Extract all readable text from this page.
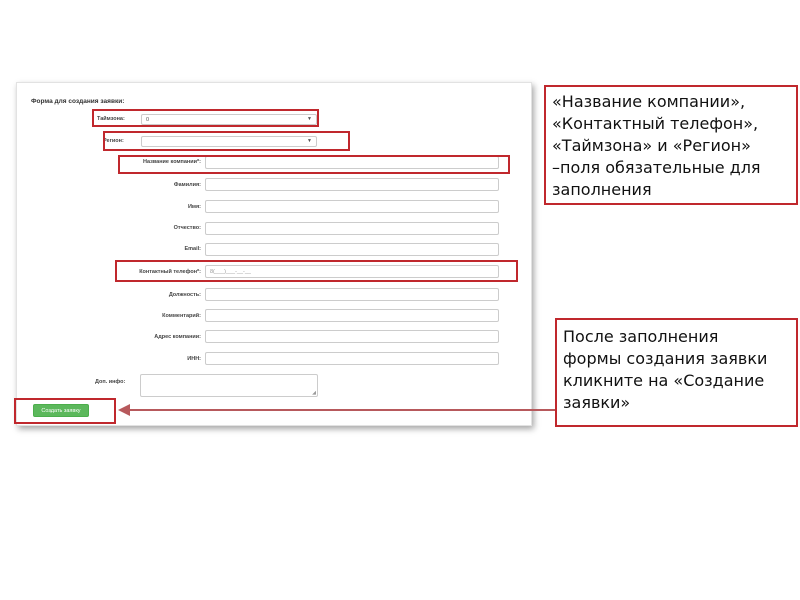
Форма для создания заявки:
Таймзона:	0	▼
Регион:	▼
Название компании*:
Фамилия:
Имя:
Отчество:
Email:
Контактный телефон*:	8(___)___-__-__
Должность:
Комментарий:
Адрес компании:
ИНН:
Доп. инфо:
◢
Создать заявку

«Название компании»,
«Контактный телефон»,
«Таймзона» и «Регион»
–поля обязательные для
заполнения

После заполнения
формы создания заявки
кликните на «Создание
заявки»
